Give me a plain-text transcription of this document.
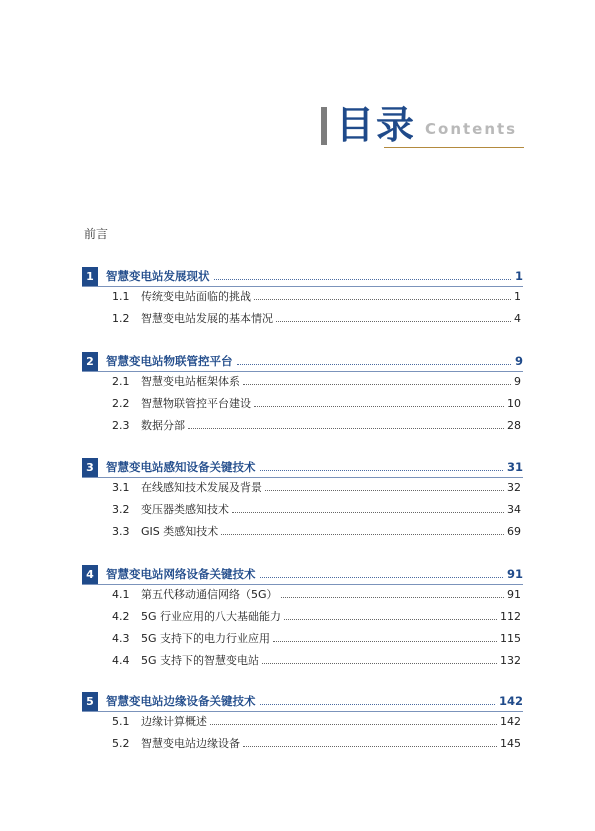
目录 Contents
前言
1	智慧变电站发展现状	1
1.1	传统变电站面临的挑战	1
1.2	智慧变电站发展的基本情况	4
2	智慧变电站物联管控平台	9
2.1	智慧变电站框架体系	9
2.2	智慧物联管控平台建设	10
2.3	数据分部	28
3	智慧变电站感知设备关键技术	31
3.1	在线感知技术发展及背景	32
3.2	变压器类感知技术	34
3.3	GIS 类感知技术	69
4	智慧变电站网络设备关键技术	91
4.1	第五代移动通信网络（5G）	91
4.2	5G 行业应用的八大基础能力	112
4.3	5G 支持下的电力行业应用	115
4.4	5G 支持下的智慧变电站	132
5	智慧变电站边缘设备关键技术	142
5.1	边缘计算概述	142
5.2	智慧变电站边缘设备	145
